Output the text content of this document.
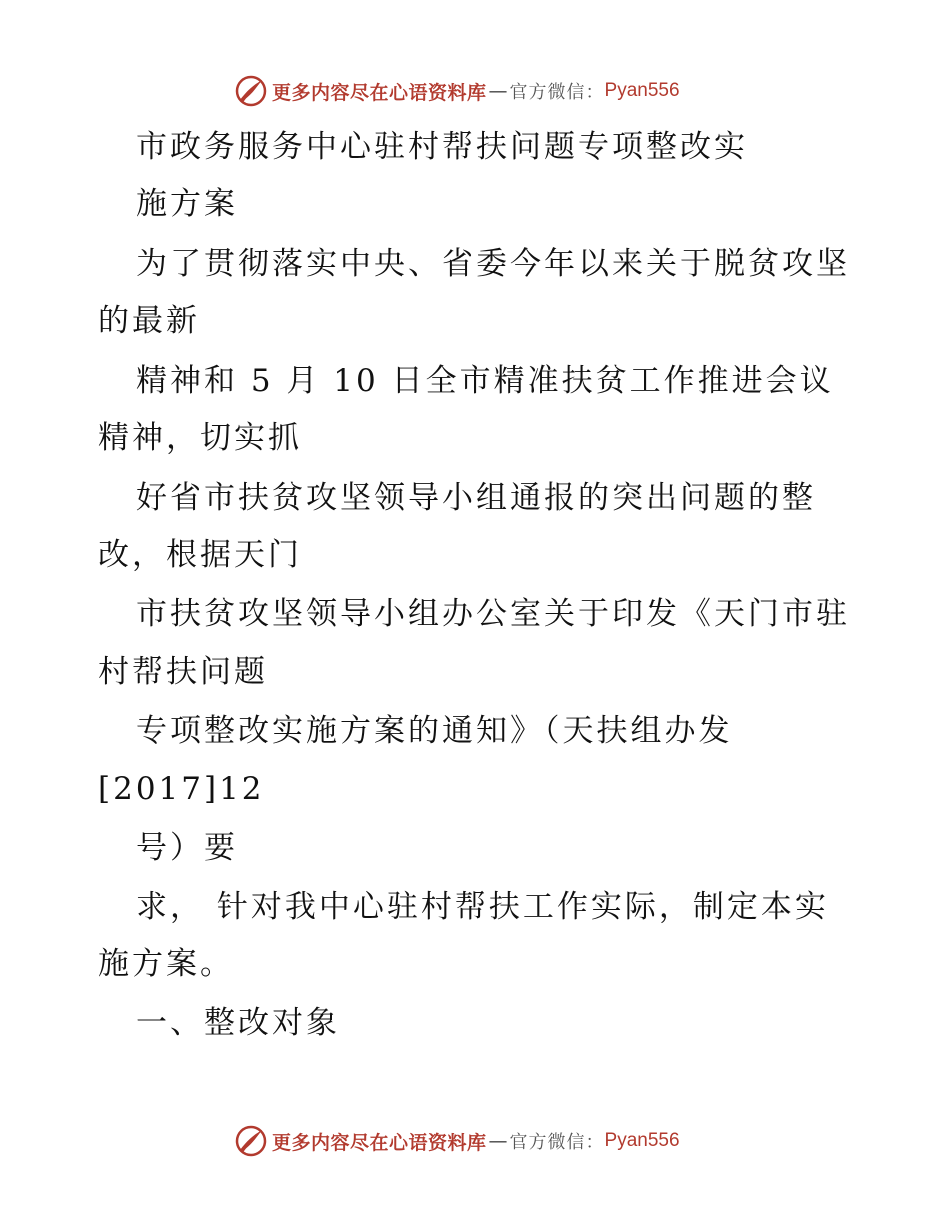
更多内容尽在心语资料库 — 官方微信： Pyan556
市政务服务中心驻村帮扶问题专项整改实
施方案
为了贯彻落实中央、省委今年以来关于脱贫攻坚
的最新
精神和 5 月 10 日全市精准扶贫工作推进会议
精神，切实抓
好省市扶贫攻坚领导小组通报的突出问题的整
改，根据天门
市扶贫攻坚领导小组办公室关于印发《天门市驻
村帮扶问题
专项整改实施方案的通知》（天扶组办发
[2017]12
号）要
求， 针对我中心驻村帮扶工作实际，制定本实
施方案。
一、整改对象
更多内容尽在心语资料库 — 官方微信： Pyan556
